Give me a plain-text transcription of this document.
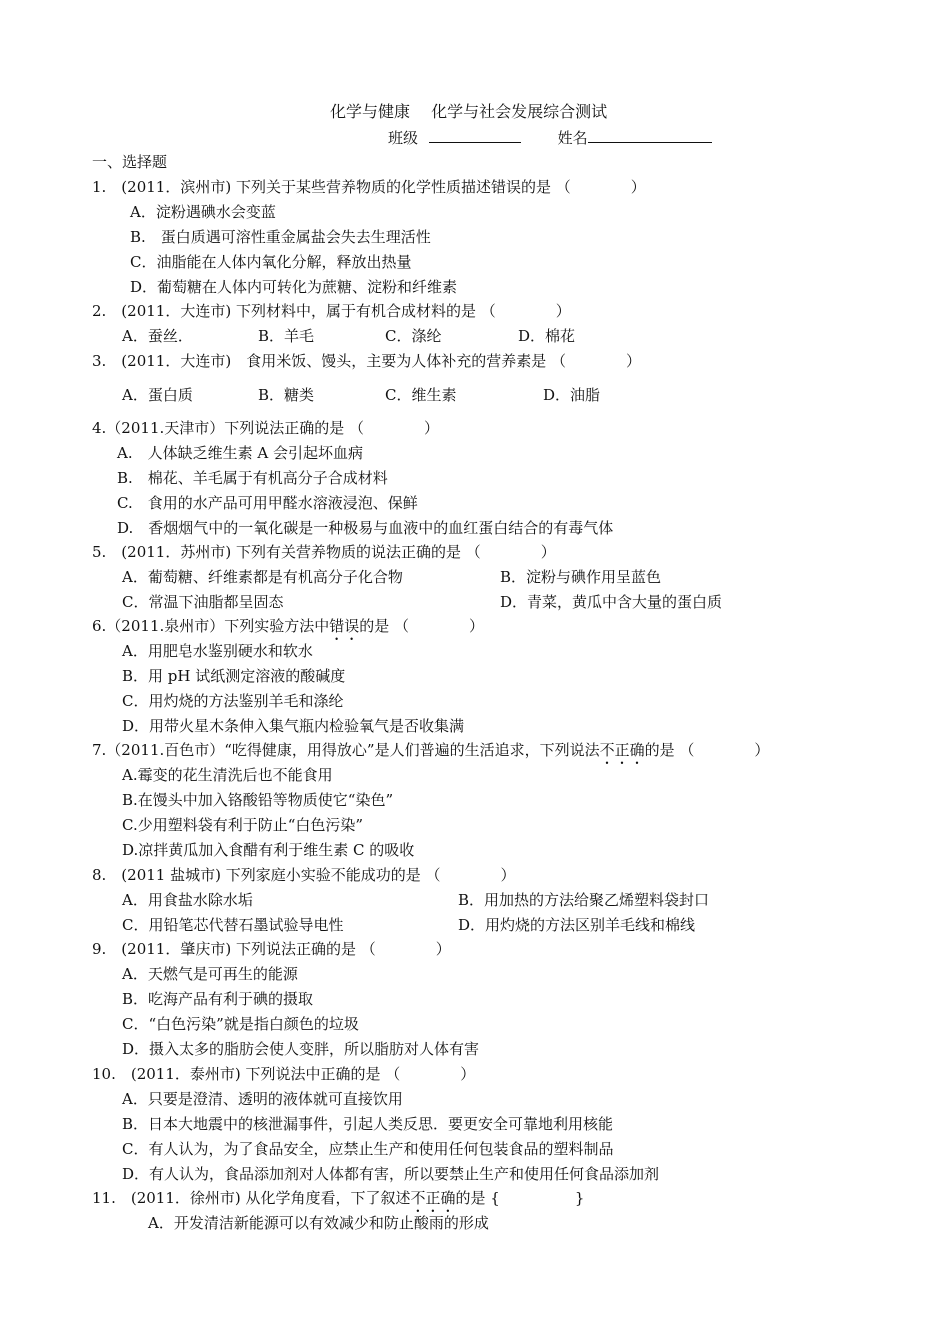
化学与健康　 化学与社会发展综合测试
班级	姓名
一、选择题
1.　(2011．滨州市) 下列关于某些营养物质的化学性质描述错误的是 （　　　　）
A．淀粉遇碘水会变蓝
B.　蛋白质遇可溶性重金属盐会失去生理活性
C．油脂能在人体内氧化分解，释放出热量
D．葡萄糖在人体内可转化为蔗糖、淀粉和纤维素
2.　(2011．大连市) 下列材料中，属于有机合成材料的是 （　　　　）
A．蚕丝．	B．羊毛	C．涤纶	D．棉花
3.　(2011．大连市)　食用米饭、馒头，主要为人体补充的营养素是 （　　　　）
A．蛋白质	B．糖类	C．维生素	D．油脂
4.（2011.天津市）下列说法正确的是 （　　　　）
A.　人体缺乏维生素 A 会引起坏血病
B.　棉花、羊毛属于有机高分子合成材料
C.　食用的水产品可用甲醛水溶液浸泡、保鲜
D.　香烟烟气中的一氧化碳是一种极易与血液中的血红蛋白结合的有毒气体
5.　(2011．苏州市) 下列有关营养物质的说法正确的是 （　　　　）
A．葡萄糖、纤维素都是有机高分子化合物	B．淀粉与碘作用呈蓝色
C．常温下油脂都呈固态	D．青菜，黄瓜中含大量的蛋白质
6.（2011.泉州市）下列实验方法中错误的是 （　　　　）
A．用肥皂水鉴别硬水和软水
B．用 pH 试纸测定溶液的酸碱度
C．用灼烧的方法鉴别羊毛和涤纶
D．用带火星木条伸入集气瓶内检验氧气是否收集满
7.（2011.百色市）“吃得健康，用得放心”是人们普遍的生活追求，下列说法不正确的是 （　　　　）
A.霉变的花生清洗后也不能食用
B.在馒头中加入铬酸铅等物质使它“染色”
C.少用塑料袋有利于防止“白色污染”
D.凉拌黄瓜加入食醋有利于维生素 C 的吸收
8.　(2011 盐城市) 下列家庭小实验不能成功的是 （　　　　）
A．用食盐水除水垢	B．用加热的方法给聚乙烯塑料袋封口
C．用铅笔芯代替石墨试验导电性	D．用灼烧的方法区别羊毛线和棉线
9.　(2011．肇庆市) 下列说法正确的是 （　　　　）
A．天燃气是可再生的能源
B．吃海产品有利于碘的摄取
C．“白色污染”就是指白颜色的垃圾
D．摄入太多的脂肪会使人变胖，所以脂肪对人体有害
10.　(2011．泰州市) 下列说法中正确的是 （　　　　）
A．只要是澄清、透明的液体就可直接饮用
B．日本大地震中的核泄漏事件，引起人类反思．要更安全可靠地利用核能
C．有人认为，为了食品安全，应禁止生产和使用任何包装食品的塑料制品
D．有人认为，食品添加剂对人体都有害，所以要禁止生产和使用任何食品添加剂
11.　(2011．徐州市) 从化学角度看，下了叙述不正确的是 {　　　　　}
A．开发清洁新能源可以有效减少和防止酸雨的形成
